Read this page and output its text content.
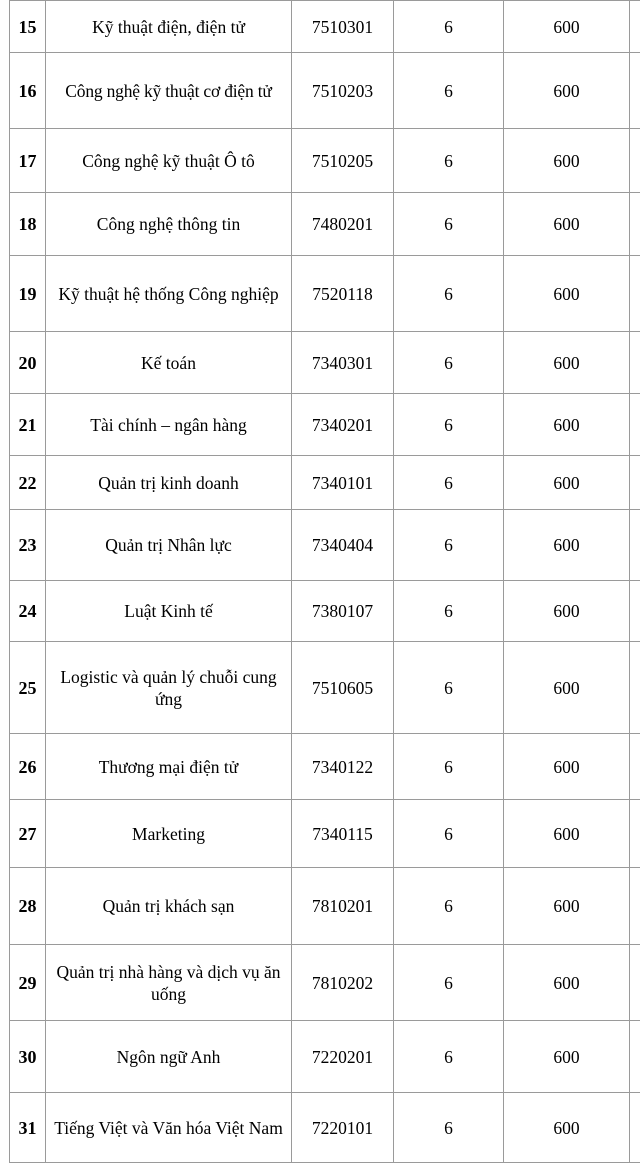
15	Kỹ thuật điện, điện tử	7510301	6	600	
16	Công nghệ kỹ thuật cơ điện tử	7510203	6	600	
17	Công nghệ kỹ thuật Ô tô	7510205	6	600	
18	Công nghệ thông tin	7480201	6	600	
19	Kỹ thuật hệ thống Công nghiệp	7520118	6	600	
20	Kế toán	7340301	6	600	
21	Tài chính – ngân hàng	7340201	6	600	
22	Quản trị kinh doanh	7340101	6	600	
23	Quản trị Nhân lực	7340404	6	600	
24	Luật Kinh tế	7380107	6	600	
25	Logistic và quản lý chuỗi cung ứng	7510605	6	600	
26	Thương mại điện tử	7340122	6	600	
27	Marketing	7340115	6	600	
28	Quản trị khách sạn	7810201	6	600	
29	Quản trị nhà hàng và dịch vụ ăn uống	7810202	6	600	
30	Ngôn ngữ Anh	7220201	6	600	
31	Tiếng Việt và Văn hóa Việt Nam	7220101	6	600	
